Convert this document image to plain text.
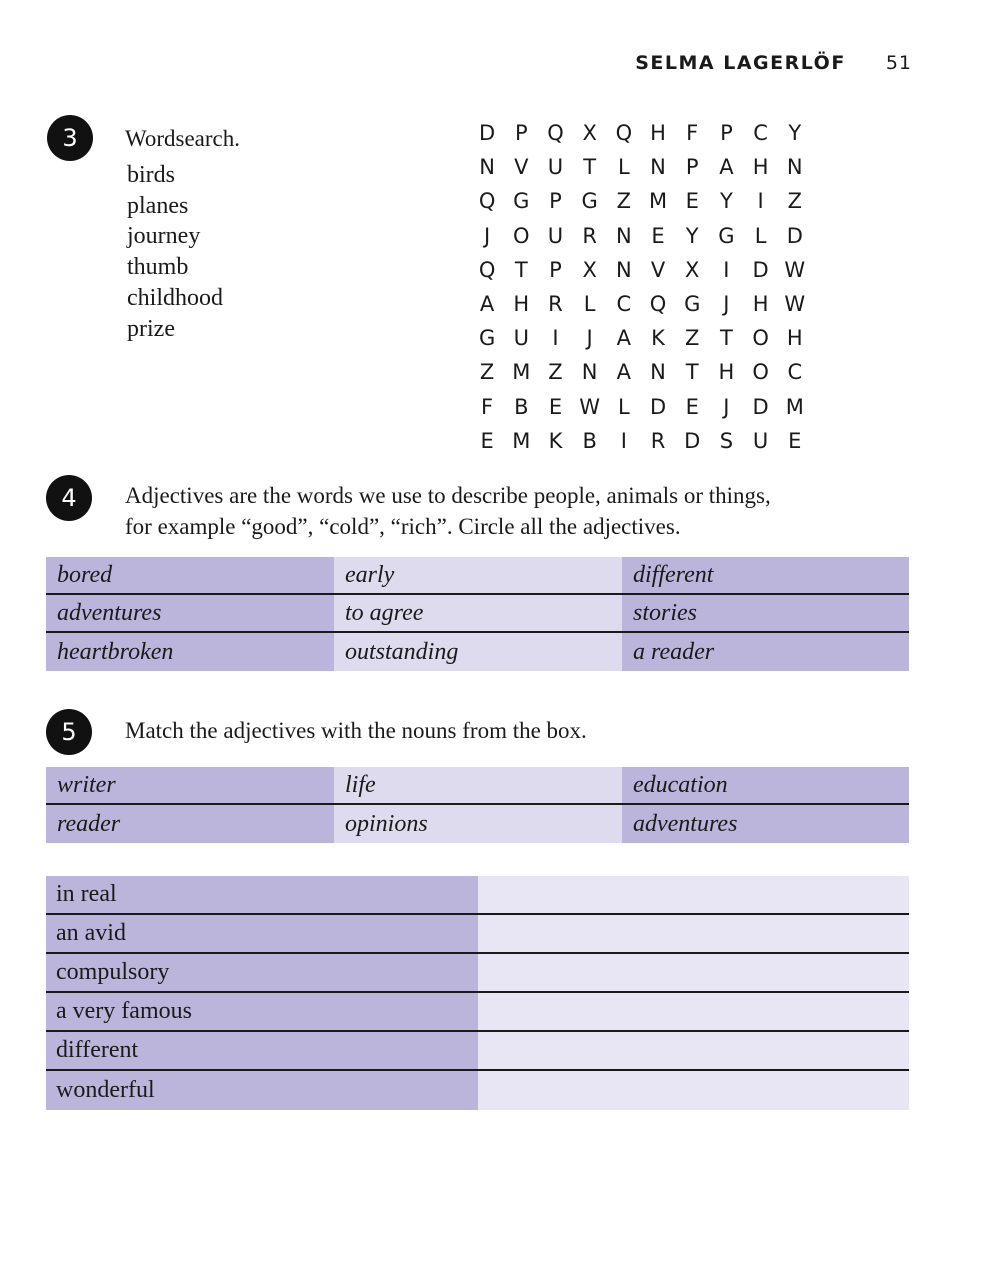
SELMA LAGERLÖF 51
3	Wordsearch.
birds
planes
journey
thumb
childhood
prize
D P Q X Q H F	P C Y
N V U T	L N P A H N
Q G P G Z M E	Y	I	Z
J	O U R N E	Y G L D
Q T	P X N V X	I	D W
A H R	L	C Q G	J	H W
G U	I	J	A K Z T O H
Z M Z N A N T H O C
F B E W L D E	J	D M
E M K B	I	R D S U E
4	Adjectives are the words we use to describe people, animals or things,
for example “good”, “cold”, “rich”. Circle all the adjectives.
bored	early	different
adventures	to agree	stories
heartbroken	outstanding	a reader
5	Match the adjectives with the nouns from the box.
writer	life	education
reader	opinions	adventures
in real
an avid
compulsory
a very famous
different
wonderful
